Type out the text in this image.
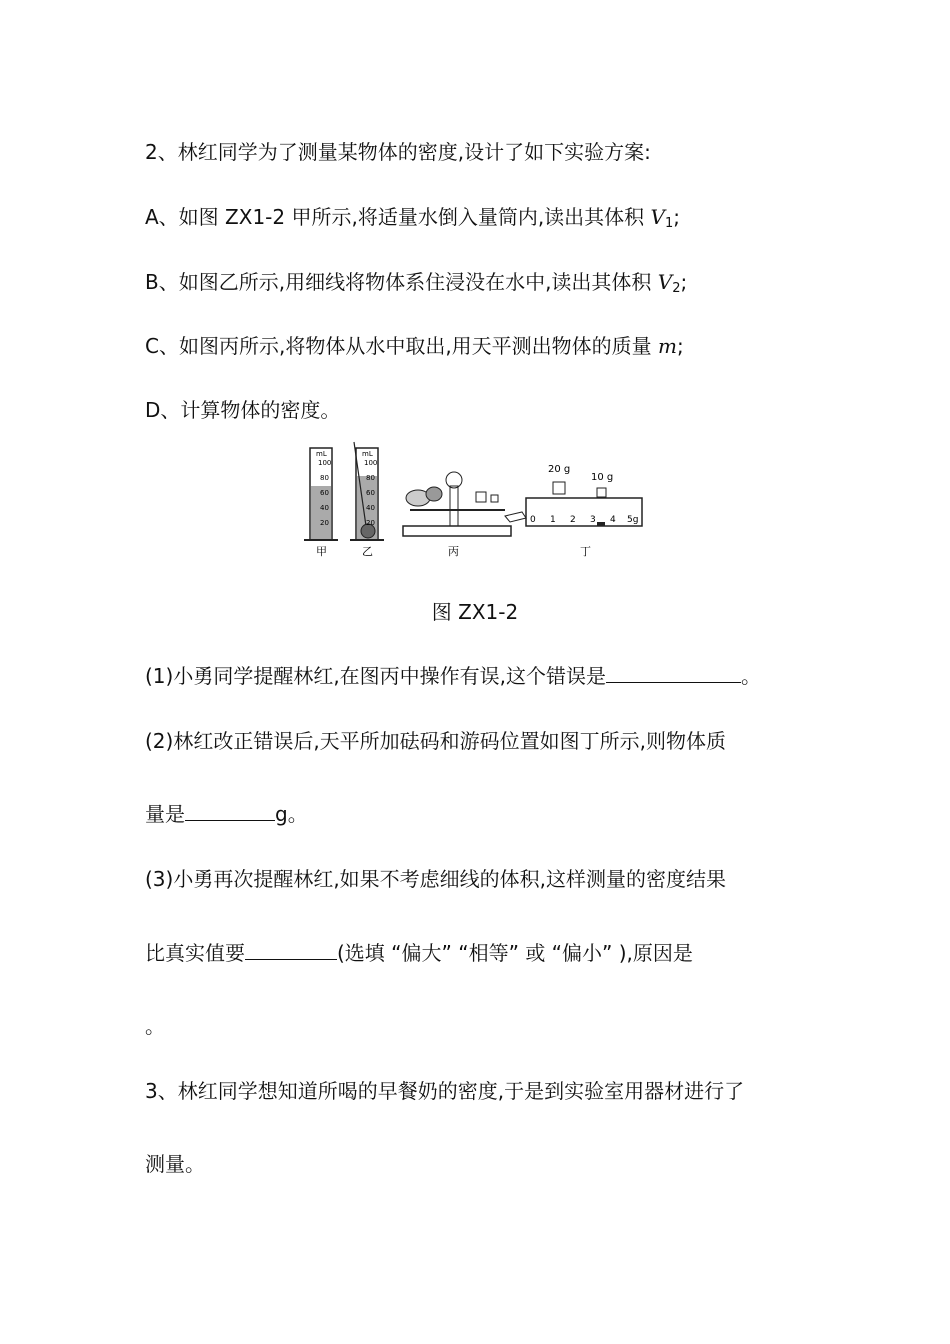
2、林红同学为了测量某物体的密度,设计了如下实验方案:
A、如图 ZX1-2 甲所示,将适量水倒入量筒内,读出其体积 $V_1$;
B、如图乙所示,用细线将物体系住浸没在水中,读出其体积 $V_2$;
C、如图丙所示,将物体从水中取出,用天平测出物体的质量 m;
D、计算物体的密度。
mL
100
80
60
40
20
甲
mL
100
80
60
40
20
乙	丙
20 g
10 g
0 1 2 3 4 5g
丁
图 ZX1-2
(1)小勇同学提醒林红,在图丙中操作有误,这个错误是	。
(2)林红改正错误后,天平所加砝码和游码位置如图丁所示,则物体质
量是	g。
(3)小勇再次提醒林红,如果不考虑细线的体积,这样测量的密度结果
比真实值要	(选填 “偏大” “相等” 或 “偏小” ),原因是
。
3、林红同学想知道所喝的早餐奶的密度,于是到实验室用器材进行了
测量。
